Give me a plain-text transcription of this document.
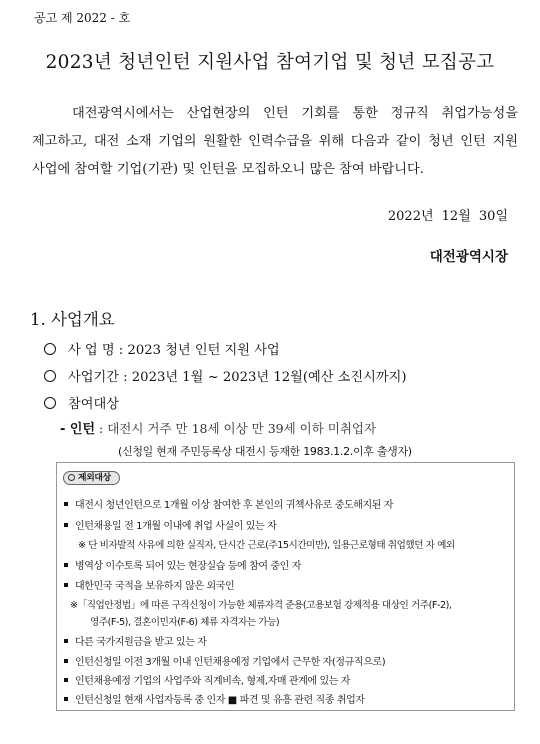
공고 제 2022 - 호
2023년 청년인턴 지원사업 참여기업 및 청년 모집공고
대전광역시에서는 산업현장의 인턴 기회를 통한 정규직 취업가능성을 제고하고, 대전 소재 기업의 원활한 인력수급을 위해 다음과 같이 청년 인턴 지원 사업에 참여할 기업(기관) 및 인턴을 모집하오니 많은 참여 바랍니다.
2022년 12월 30일
대전광역시장
1. 사업개요
사 업 명 : 2023 청년 인턴 지원 사업
사업기간 : 2023년 1월 ~ 2023년 12월(예산 소진시까지)
참여대상
- 인턴 : 대전시 거주 만 18세 이상 만 39세 이하 미취업자
(신청일 현재 주민등록상 대전시 등재한 1983.1.2.이후 출생자)
제외대상
대전시 청년인턴으로 1개월 이상 참여한 후 본인의 귀책사유로 중도해지된 자
인턴채용일 전 1개월 이내에 취업 사실이 있는 자
※ 단 비자발적 사유에 의한 실직자, 단시간 근로(주15시간미만), 일용근로형태 취업했던 자 예외
병역상 이수토록 되어 있는 현장실습 등에 참여 중인 자
대한민국 국적을 보유하지 않은 외국인
※「직업안정법」에 따른 구직신청이 가능한 체류자격 준용(고용보험 강제적용 대상인 거주(F-2),
영주(F-5), 결혼이민자(F-6) 체류 자격자는 가능)
다른 국가지원금을 받고 있는 자
인턴신청일 이전 3개월 이내 인턴채용예정 기업에서 근무한 자(정규직으로)
인턴채용예정 기업의 사업주와 직계비속, 형제,자매 관계에 있는 자
인턴신청일 현재 사업자등록 중 인자 ■ 파견 및 유흥 관련 직종 취업자
